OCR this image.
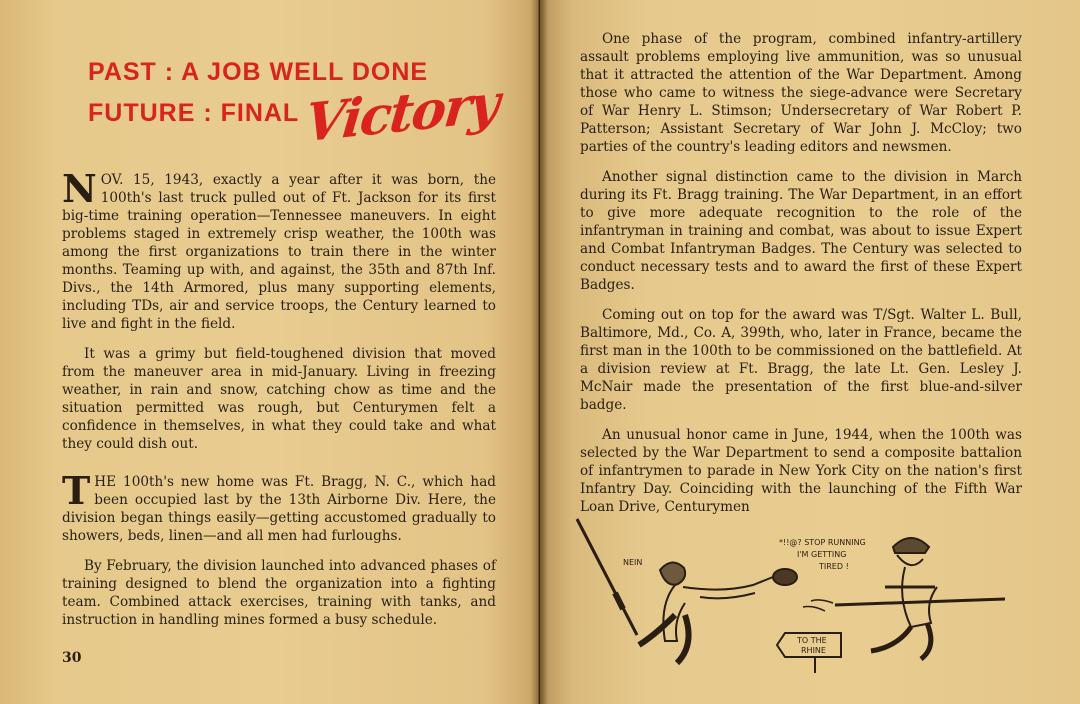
PAST : A JOB WELL DONE
FUTURE : FINALVictory

NOV. 15, 1943, exactly a year after it was born, the 100th's last truck pulled out of Ft. Jackson for its first big-time training operation—Tennessee maneuvers. In eight problems staged in extremely crisp weather, the 100th was among the first organizations to train there in the winter months. Teaming up with, and against, the 35th and 87th Inf. Divs., the 14th Armored, plus many supporting elements, including TDs, air and service troops, the Century learned to live and fight in the field.

It was a grimy but field-toughened division that moved from the maneuver area in mid-January. Living in freezing weather, in rain and snow, catching chow as time and the situation permitted was rough, but Centurymen felt a confidence in themselves, in what they could take and what they could dish out.

THE 100th's new home was Ft. Bragg, N. C., which had been occupied last by the 13th Airborne Div. Here, the division began things easily—getting accustomed gradually to showers, beds, linen—and all men had furloughs.

By February, the division launched into advanced phases of training designed to blend the organization into a fighting team. Combined attack exercises, training with tanks, and instruction in handling mines formed a busy schedule.

30

One phase of the program, combined infantry-artillery assault problems employing live ammunition, was so unusual that it attracted the attention of the War Department. Among those who came to witness the siege-advance were Secretary of War Henry L. Stimson; Undersecretary of War Robert P. Patterson; Assistant Secretary of War John J. McCloy; two parties of the country's leading editors and newsmen.

Another signal distinction came to the division in March during its Ft. Bragg training. The War Department, in an effort to give more adequate recognition to the role of the infantryman in training and combat, was about to issue Expert and Combat Infantryman Badges. The Century was selected to conduct necessary tests and to award the first of these Expert Badges.

Coming out on top for the award was T/Sgt. Walter L. Bull, Baltimore, Md., Co. A, 399th, who, later in France, became the first man in the 100th to be commissioned on the battlefield. At a division review at Ft. Bragg, the late Lt. Gen. Lesley J. McNair made the presentation of the first blue-and-silver badge.

An unusual honor came in June, 1944, when the 100th was selected by the War Department to send a composite battalion of infantrymen to parade in New York City on the nation's first Infantry Day. Coinciding with the launching of the Fifth War Loan Drive, Centurymen

NEIN
*!!@? STOP RUNNING
I'M GETTING
TIRED !
TO THE
RHINE
